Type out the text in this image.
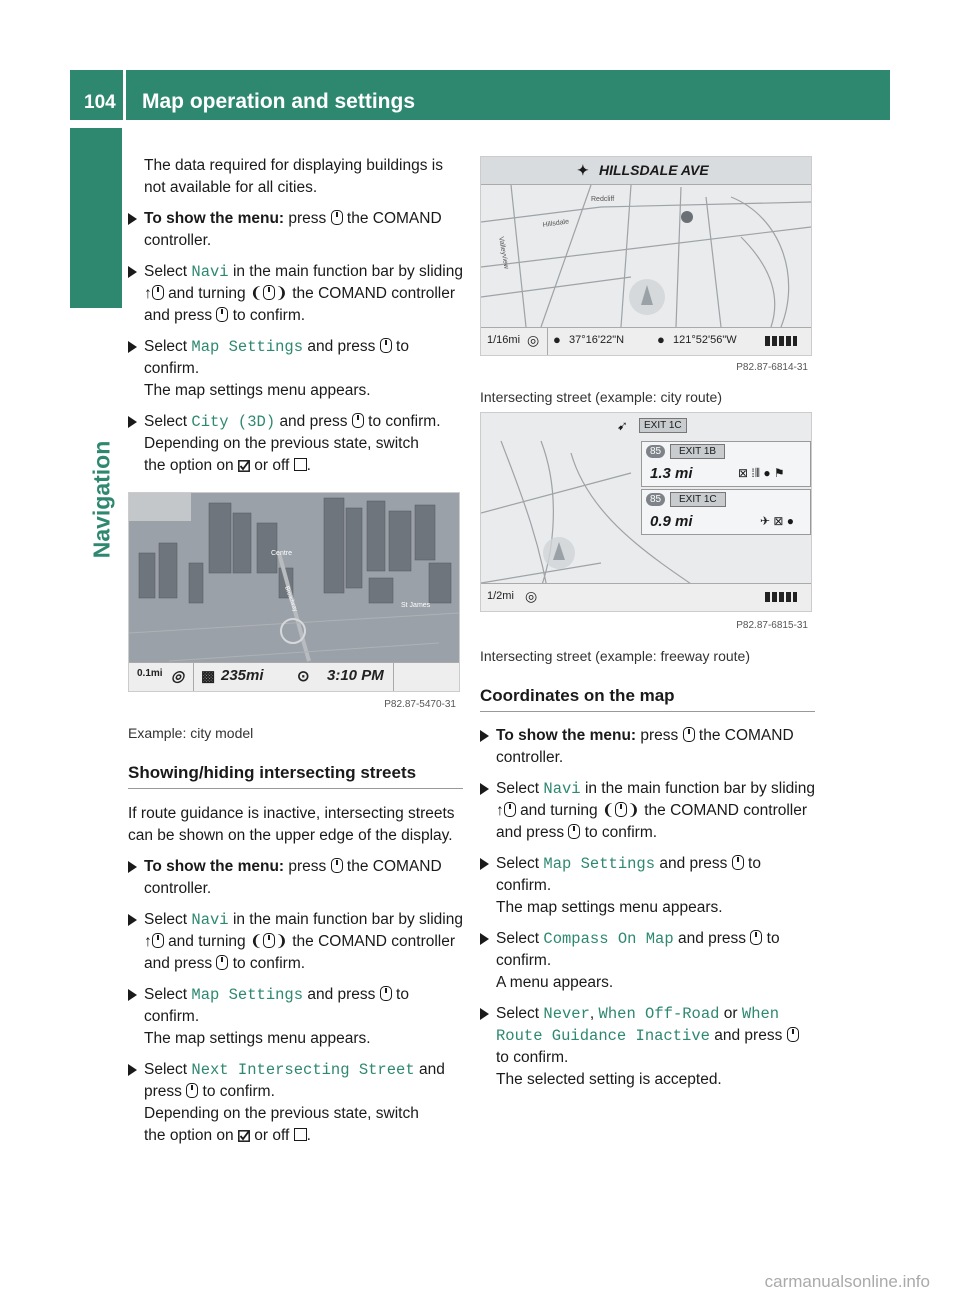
104 Map operation and settings
Navigation

The data required for displaying buildings is not available for all cities.

To show the menu: press the COMAND controller.

Select Navi in the main function bar by sliding ↑ and turning ❨ ❩ the COMAND controller and press to confirm.

Select Map Settings and press to confirm.
The map settings menu appears.

Select City (3D) and press to confirm.
Depending on the previous state, switch
the option on or off .

Centre
St James
Broadway
0.1mi ◎ ▩ 235mi ⊙ 3:10 PM
P82.87-5470-31

Example: city model

Showing/hiding intersecting streets

If route guidance is inactive, intersecting streets can be shown on the upper edge of the display.

To show the menu: press the COMAND controller.

Select Navi in the main function bar by sliding ↑ and turning ❨ ❩ the COMAND controller and press to confirm.

Select Map Settings and press to confirm.
The map settings menu appears.

Select Next Intersecting Street and
press to confirm.
Depending on the previous state, switch
the option on or off .

✦ HILLSDALE AVE
Redcliff
Hillsdale
Valleyview
1/16mi ◎ ● 37°16'22"N	● 121°52'56"W
P82.87-6814-31
Intersecting street (example: city route)
➹	EXIT 1C
85	EXIT 1B
1.3 mi	⊠ ⁞⦀ ● ⚑
85	EXIT 1C
0.9 mi	✈ ⊠ ●
1/2mi ◎
P82.87-6815-31

Intersecting street (example: freeway route)

Coordinates on the map

To show the menu: press the COMAND controller.

Select Navi in the main function bar by sliding ↑ and turning ❨ ❩ the COMAND controller and press to confirm.

Select Map Settings and press to confirm.
The map settings menu appears.

Select Compass On Map and press to confirm.
A menu appears.

Select Never, When Off-Road or When
Route Guidance Inactive and press
to confirm.
The selected setting is accepted.

carmanualsonline.info
